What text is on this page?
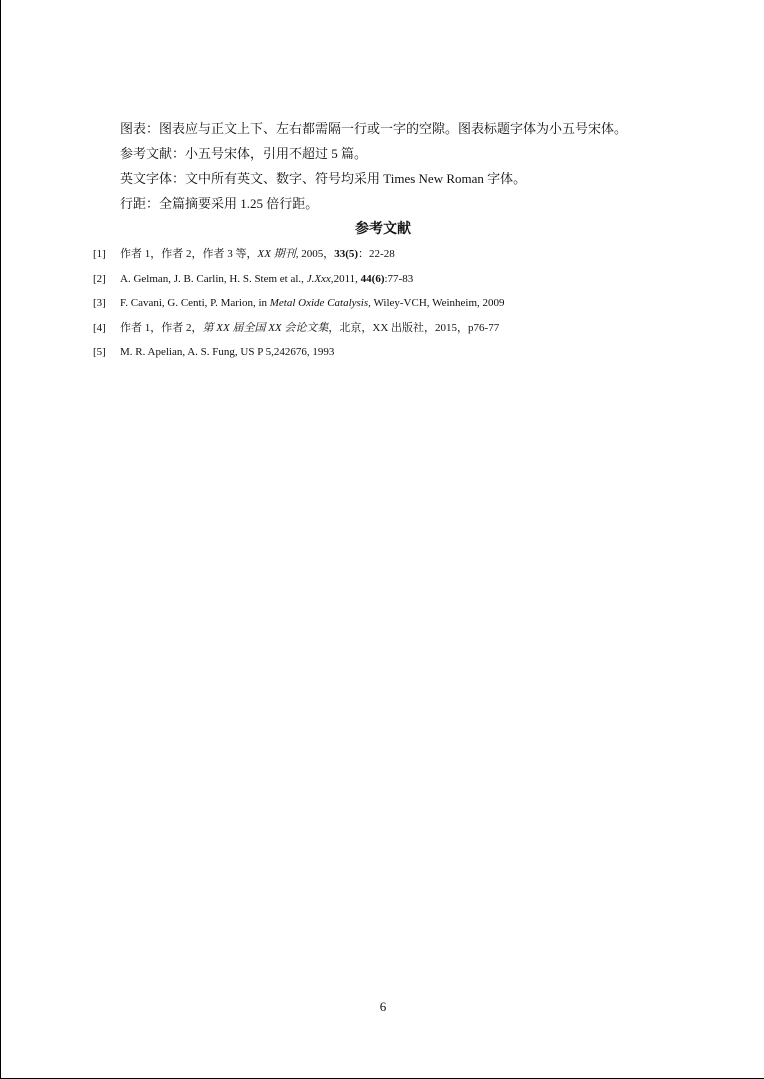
图表：图表应与正文上下、左右都需隔一行或一字的空隙。图表标题字体为小五号宋体。
参考文献：小五号宋体，引用不超过 5 篇。
英文字体：文中所有英文、数字、符号均采用 Times New Roman 字体。
行距：全篇摘要采用 1.25 倍行距。
参考文献
[1] 作者 1，作者 2，作者 3 等，XX 期刊, 2005，33(5)：22-28
[2] A. Gelman, J. B. Carlin, H. S. Stem et al., J.Xxx,2011, 44(6):77-83
[3] F. Cavani, G. Centi, P. Marion, in Metal Oxide Catalysis, Wiley-VCH, Weinheim, 2009
[4] 作者 1，作者 2，第 XX 届全国 XX 会论文集，北京，XX 出版社，2015，p76-77
[5] M. R. Apelian, A. S. Fung, US P 5,242676, 1993
6
